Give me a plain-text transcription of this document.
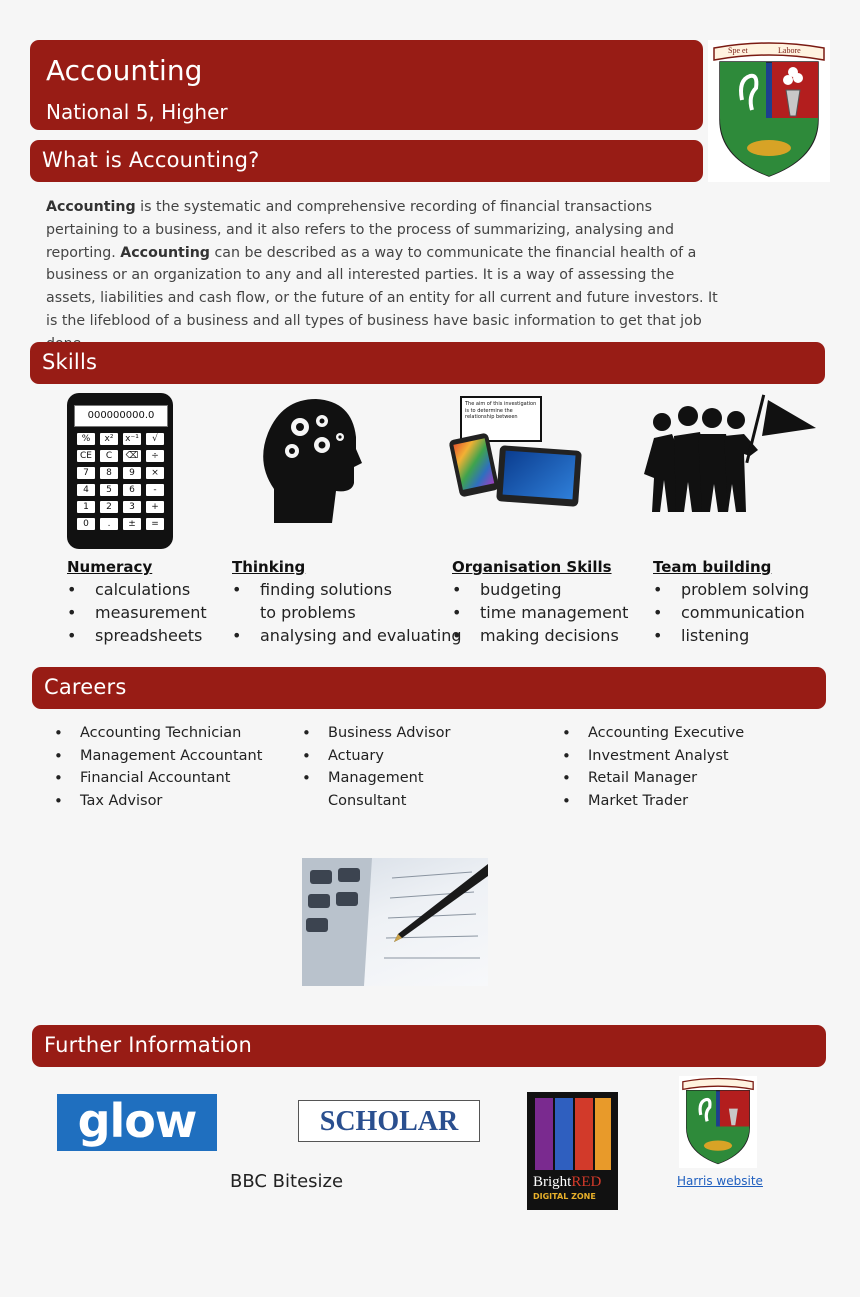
Accounting
National 5, Higher
Spe et	Labore
What is Accounting?
Accounting is the systematic and comprehensive recording of financial transactions pertaining to a business, and it also refers to the process of summarizing, analysing and reporting. Accounting can be described as a way to communicate the financial health of a business or an organization to any and all interested parties. It is a way of assessing the assets, liabilities and cash flow, or the future of an entity for all current and future investors. It is the lifeblood of a business and all types of business have basic information to get that job
Skills
000000000.0
%	x²	x⁻¹	√
CE	C	⌫	÷
7	8	9	×
4	5	6	-
1	2	3	+
0	.	±	=
The aim of this investigation is to determine the relationship between
Numeracy
• calculations
• measurement
• spreadsheets
Thinking
• finding solutions to problems
• analysing and evaluating
Organisation Skills
• budgeting
• time management
• making decisions
Team building
• problem solving
• communication
• listening
Careers
• Accounting Technician
• Management Accountant
• Financial Accountant
• Tax Advisor
• Business Advisor
• Actuary
• Management Consultant
• Accounting Executive
• Investment Analyst
• Retail Manager
• Market Trader
Further Information
glow	SCHOLAR
BBC Bitesize	BrightRED
DIGITAL ZONE
Harris website
